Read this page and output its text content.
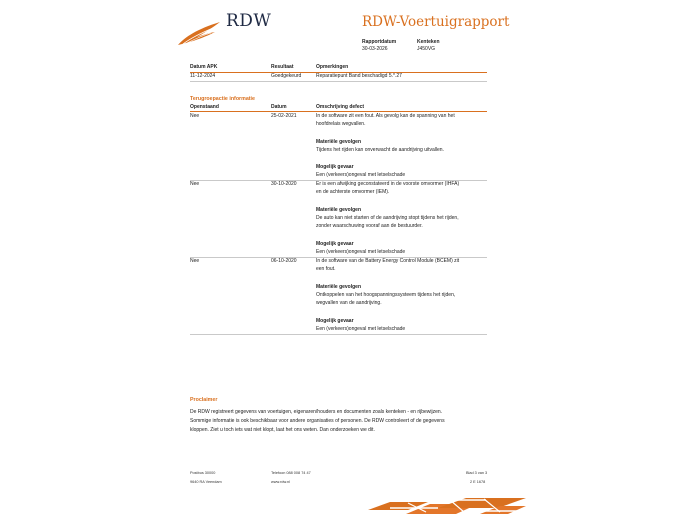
RDW	RDW-Voertuigrapport
Rapportdatum
30-03-2026
Kenteken
J450VG
Datum APK	Resultaat	Opmerkingen
11-12-2024	Goedgekeurd	Reparatiepunt Band beschadigd 5.*.27
Terugroepactie informatie
Openstaand	Datum	Omschrijving defect
Nee	25-02-2021	In de software zit een fout. Als gevolg kan de spanning van het
hoofdrelais wegvallen.
Materiële gevolgen
Tijdens het rijden kan onverwacht de aandrijving uitvallen.
Mogelijk gevaar
Een (verkeers)ongeval met letselschade
Nee	30-10-2020	Er is een afwijking geconstateerd in de voorste omvormer (IHFA)
en de achterste omvormer (IEM).
Materiële gevolgen
De auto kan niet starten of de aandrijving stopt tijdens het rijden,
zonder waarschuwing vooraf aan de bestuurder.
Mogelijk gevaar
Een (verkeers)ongeval met letselschade
Nee	06-10-2020	In de software van de Battery Energy Control Module (BCEM) zit
een fout.
Materiële gevolgen
Ontkoppelen van het hoogspanningssysteem tijdens het rijden,
wegvallen van de aandrijving.
Mogelijk gevaar
Een (verkeers)ongeval met letselschade
Proclaimer
De RDW registreert gegevens van voertuigen, eigenaren/houders en documenten zoals kenteken - en rijbewijzen.
Sommige informatie is ook beschikbaar voor andere organisaties of personen. De RDW controleert of de gegevens
kloppen. Ziet u toch iets wat niet klopt, laat het ons weten. Dan onderzoeken we dit.
Postbus 30000
9640 RA Veendam
Telefoon 088 008 74 47
www.rdw.nl
Blad 3 van 3
2 E 1678
